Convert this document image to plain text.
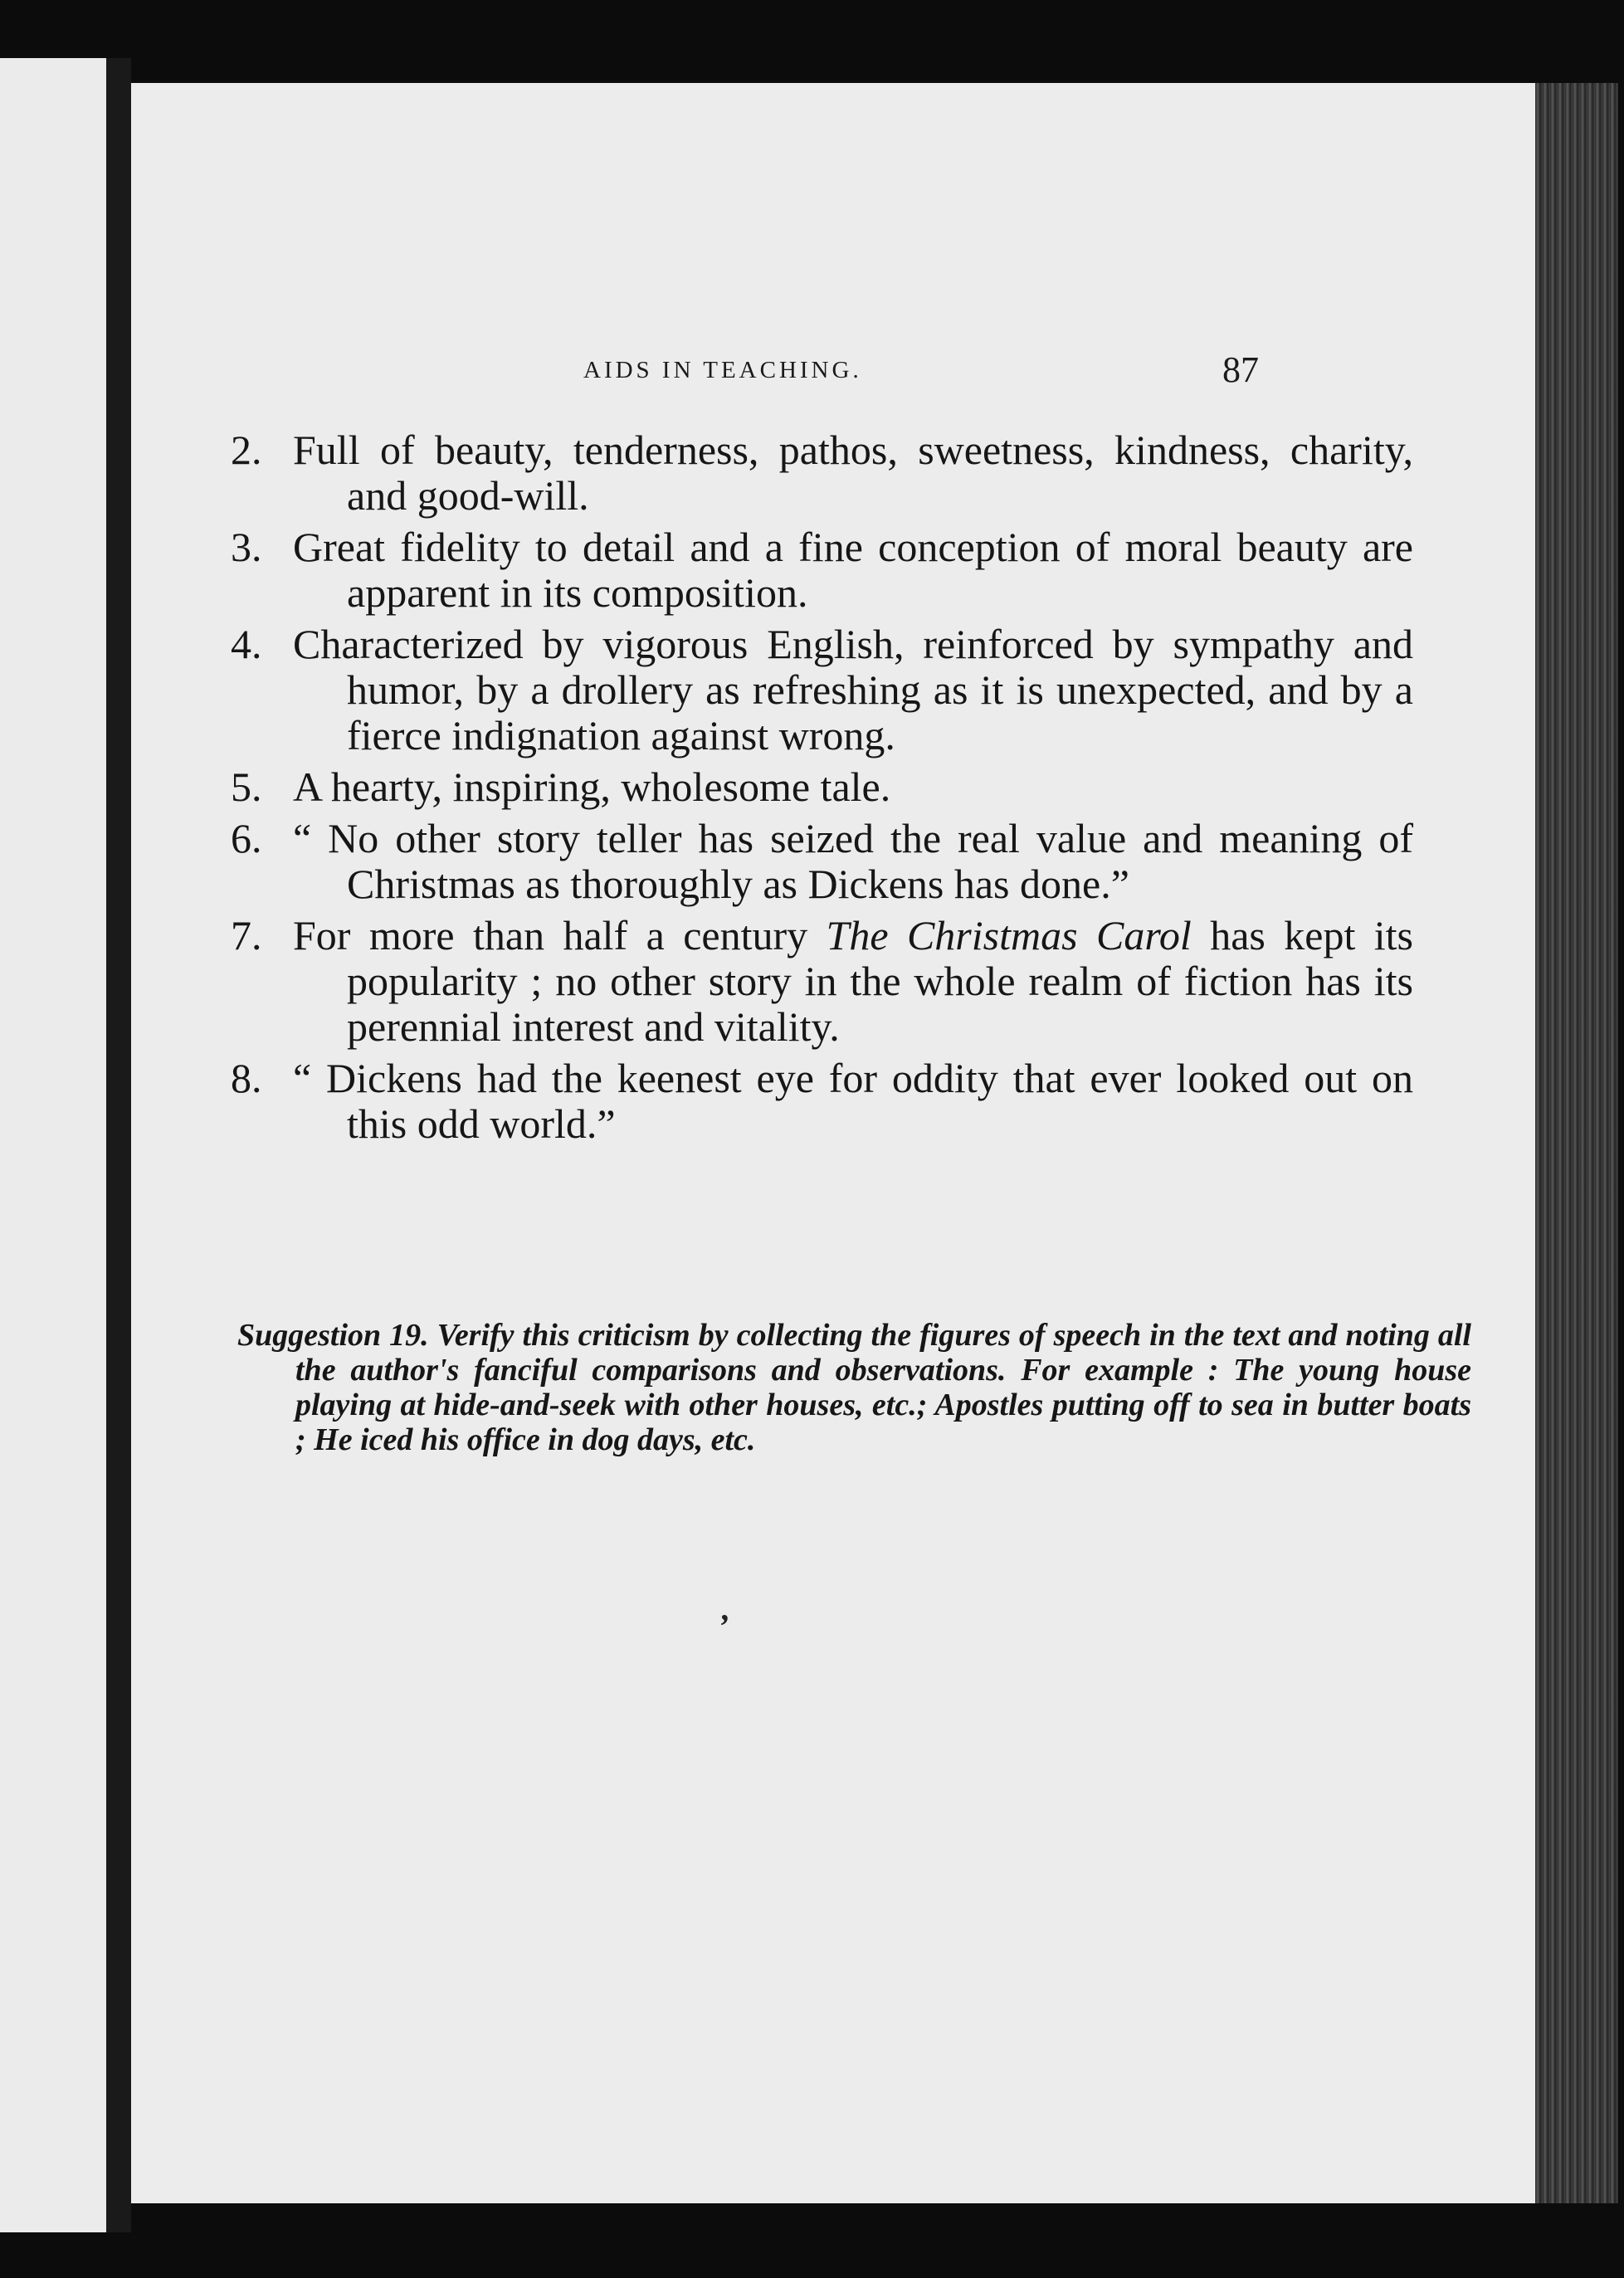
AIDS IN TEACHING.	87
2. Full of beauty, tenderness, pathos, sweetness, kindness, charity, and good-will.
3. Great fidelity to detail and a fine conception of moral beauty are apparent in its composition.
4. Characterized by vigorous English, reinforced by sympathy and humor, by a drollery as refreshing as it is unexpected, and by a fierce indignation against wrong.
5. A hearty, inspiring, wholesome tale.
6. “ No other story teller has seized the real value and meaning of Christmas as thoroughly as Dickens has done.”
7. For more than half a century The Christmas Carol has kept its popularity ; no other story in the whole realm of fiction has its perennial interest and vitality.
8. “ Dickens had the keenest eye for oddity that ever looked out on this odd world.”
Suggestion 19. Verify this criticism by collecting the figures of speech in the text and noting all the author's fanciful comparisons and observations. For example : The young house playing at hide-and-seek with other houses, etc.; Apostles putting off to sea in butter boats ; He iced his office in dog days, etc.
,
